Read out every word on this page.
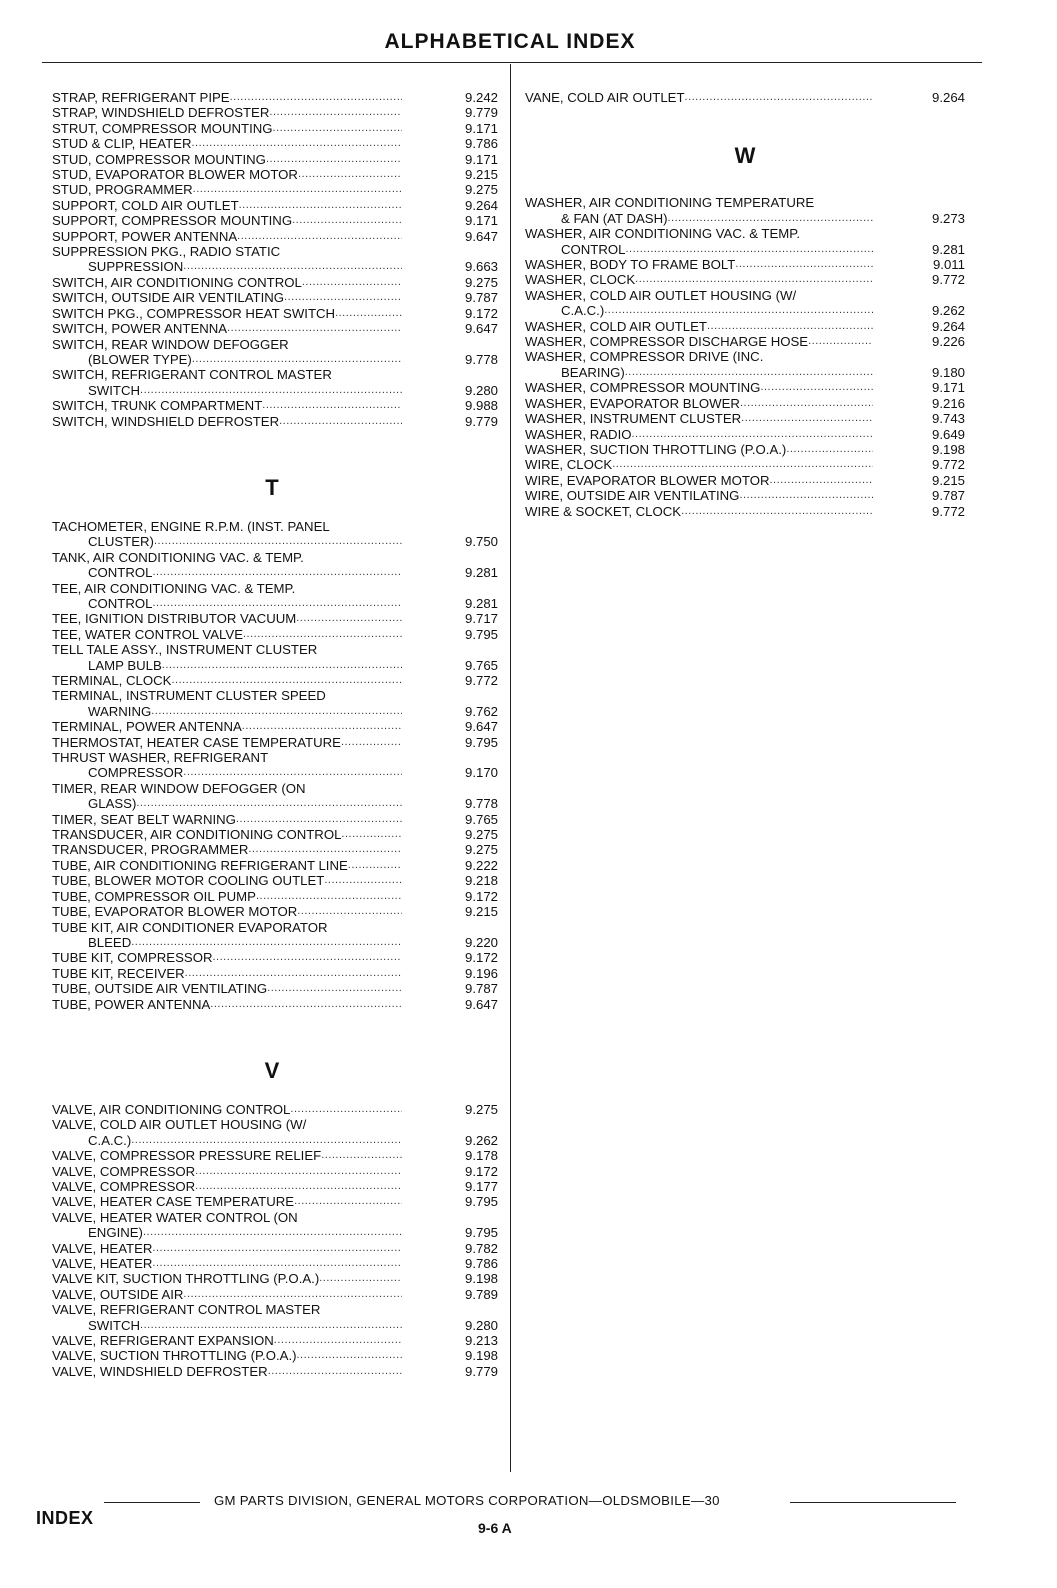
ALPHABETICAL INDEX
STRAP, REFRIGERANT PIPE .....	9.242
STRAP, WINDSHIELD DEFROSTER .....	9.779
STRUT, COMPRESSOR MOUNTING .....	9.171
STUD & CLIP, HEATER .....	9.786
STUD, COMPRESSOR MOUNTING .....	9.171
STUD, EVAPORATOR BLOWER MOTOR .....	9.215
STUD, PROGRAMMER .....	9.275
SUPPORT, COLD AIR OUTLET .....	9.264
SUPPORT, COMPRESSOR MOUNTING .....	9.171
SUPPORT, POWER ANTENNA .....	9.647
SUPPRESSION PKG., RADIO STATIC
SUPPRESSION .....	9.663
SWITCH, AIR CONDITIONING CONTROL .....	9.275
SWITCH, OUTSIDE AIR VENTILATING .....	9.787
SWITCH PKG., COMPRESSOR HEAT SWITCH .....	9.172
SWITCH, POWER ANTENNA .....	9.647
SWITCH, REAR WINDOW DEFOGGER
(BLOWER TYPE) .....	9.778
SWITCH, REFRIGERANT CONTROL MASTER
SWITCH .....	9.280
SWITCH, TRUNK COMPARTMENT .....	9.988
SWITCH, WINDSHIELD DEFROSTER .....	9.779
T
TACHOMETER, ENGINE R.P.M. (INST. PANEL
CLUSTER) .....	9.750
TANK, AIR CONDITIONING VAC. & TEMP.
CONTROL .....	9.281
TEE, AIR CONDITIONING VAC. & TEMP.
CONTROL .....	9.281
TEE, IGNITION DISTRIBUTOR VACUUM .....	9.717
TEE, WATER CONTROL VALVE .....	9.795
TELL TALE ASSY., INSTRUMENT CLUSTER
LAMP BULB .....	9.765
TERMINAL, CLOCK .....	9.772
TERMINAL, INSTRUMENT CLUSTER SPEED
WARNING .....	9.762
TERMINAL, POWER ANTENNA .....	9.647
THERMOSTAT, HEATER CASE TEMPERATURE .....	9.795
THRUST WASHER, REFRIGERANT
COMPRESSOR .....	9.170
TIMER, REAR WINDOW DEFOGGER (ON
GLASS) .....	9.778
TIMER, SEAT BELT WARNING .....	9.765
TRANSDUCER, AIR CONDITIONING CONTROL .....	9.275
TRANSDUCER, PROGRAMMER .....	9.275
TUBE, AIR CONDITIONING REFRIGERANT LINE .....	9.222
TUBE, BLOWER MOTOR COOLING OUTLET .....	9.218
TUBE, COMPRESSOR OIL PUMP .....	9.172
TUBE, EVAPORATOR BLOWER MOTOR .....	9.215
TUBE KIT, AIR CONDITIONER EVAPORATOR
BLEED .....	9.220
TUBE KIT, COMPRESSOR .....	9.172
TUBE KIT, RECEIVER .....	9.196
TUBE, OUTSIDE AIR VENTILATING .....	9.787
TUBE, POWER ANTENNA .....	9.647
V
VALVE, AIR CONDITIONING CONTROL .....	9.275
VALVE, COLD AIR OUTLET HOUSING (W/
C.A.C.) .....	9.262
VALVE, COMPRESSOR PRESSURE RELIEF .....	9.178
VALVE, COMPRESSOR .....	9.172
VALVE, COMPRESSOR .....	9.177
VALVE, HEATER CASE TEMPERATURE .....	9.795
VALVE, HEATER WATER CONTROL (ON
ENGINE) .....	9.795
VALVE, HEATER .....	9.782
VALVE, HEATER .....	9.786
VALVE KIT, SUCTION THROTTLING (P.O.A.) .....	9.198
VALVE, OUTSIDE AIR .....	9.789
VALVE, REFRIGERANT CONTROL MASTER
SWITCH .....	9.280
VALVE, REFRIGERANT EXPANSION .....	9.213
VALVE, SUCTION THROTTLING (P.O.A.) .....	9.198
VALVE, WINDSHIELD DEFROSTER .....	9.779
VANE, COLD AIR OUTLET .....	9.264
W
WASHER, AIR CONDITIONING TEMPERATURE
& FAN (AT DASH) .....	9.273
WASHER, AIR CONDITIONING VAC. & TEMP.
CONTROL .....	9.281
WASHER, BODY TO FRAME BOLT .....	9.011
WASHER, CLOCK .....	9.772
WASHER, COLD AIR OUTLET HOUSING (W/
C.A.C.) .....	9.262
WASHER, COLD AIR OUTLET .....	9.264
WASHER, COMPRESSOR DISCHARGE HOSE .....	9.226
WASHER, COMPRESSOR DRIVE (INC.
BEARING) .....	9.180
WASHER, COMPRESSOR MOUNTING .....	9.171
WASHER, EVAPORATOR BLOWER .....	9.216
WASHER, INSTRUMENT CLUSTER .....	9.743
WASHER, RADIO .....	9.649
WASHER, SUCTION THROTTLING (P.O.A.) .....	9.198
WIRE, CLOCK .....	9.772
WIRE, EVAPORATOR BLOWER MOTOR .....	9.215
WIRE, OUTSIDE AIR VENTILATING .....	9.787
WIRE & SOCKET, CLOCK .....	9.772
GM PARTS DIVISION, GENERAL MOTORS CORPORATION—OLDSMOBILE—30
INDEX	9-6 A
